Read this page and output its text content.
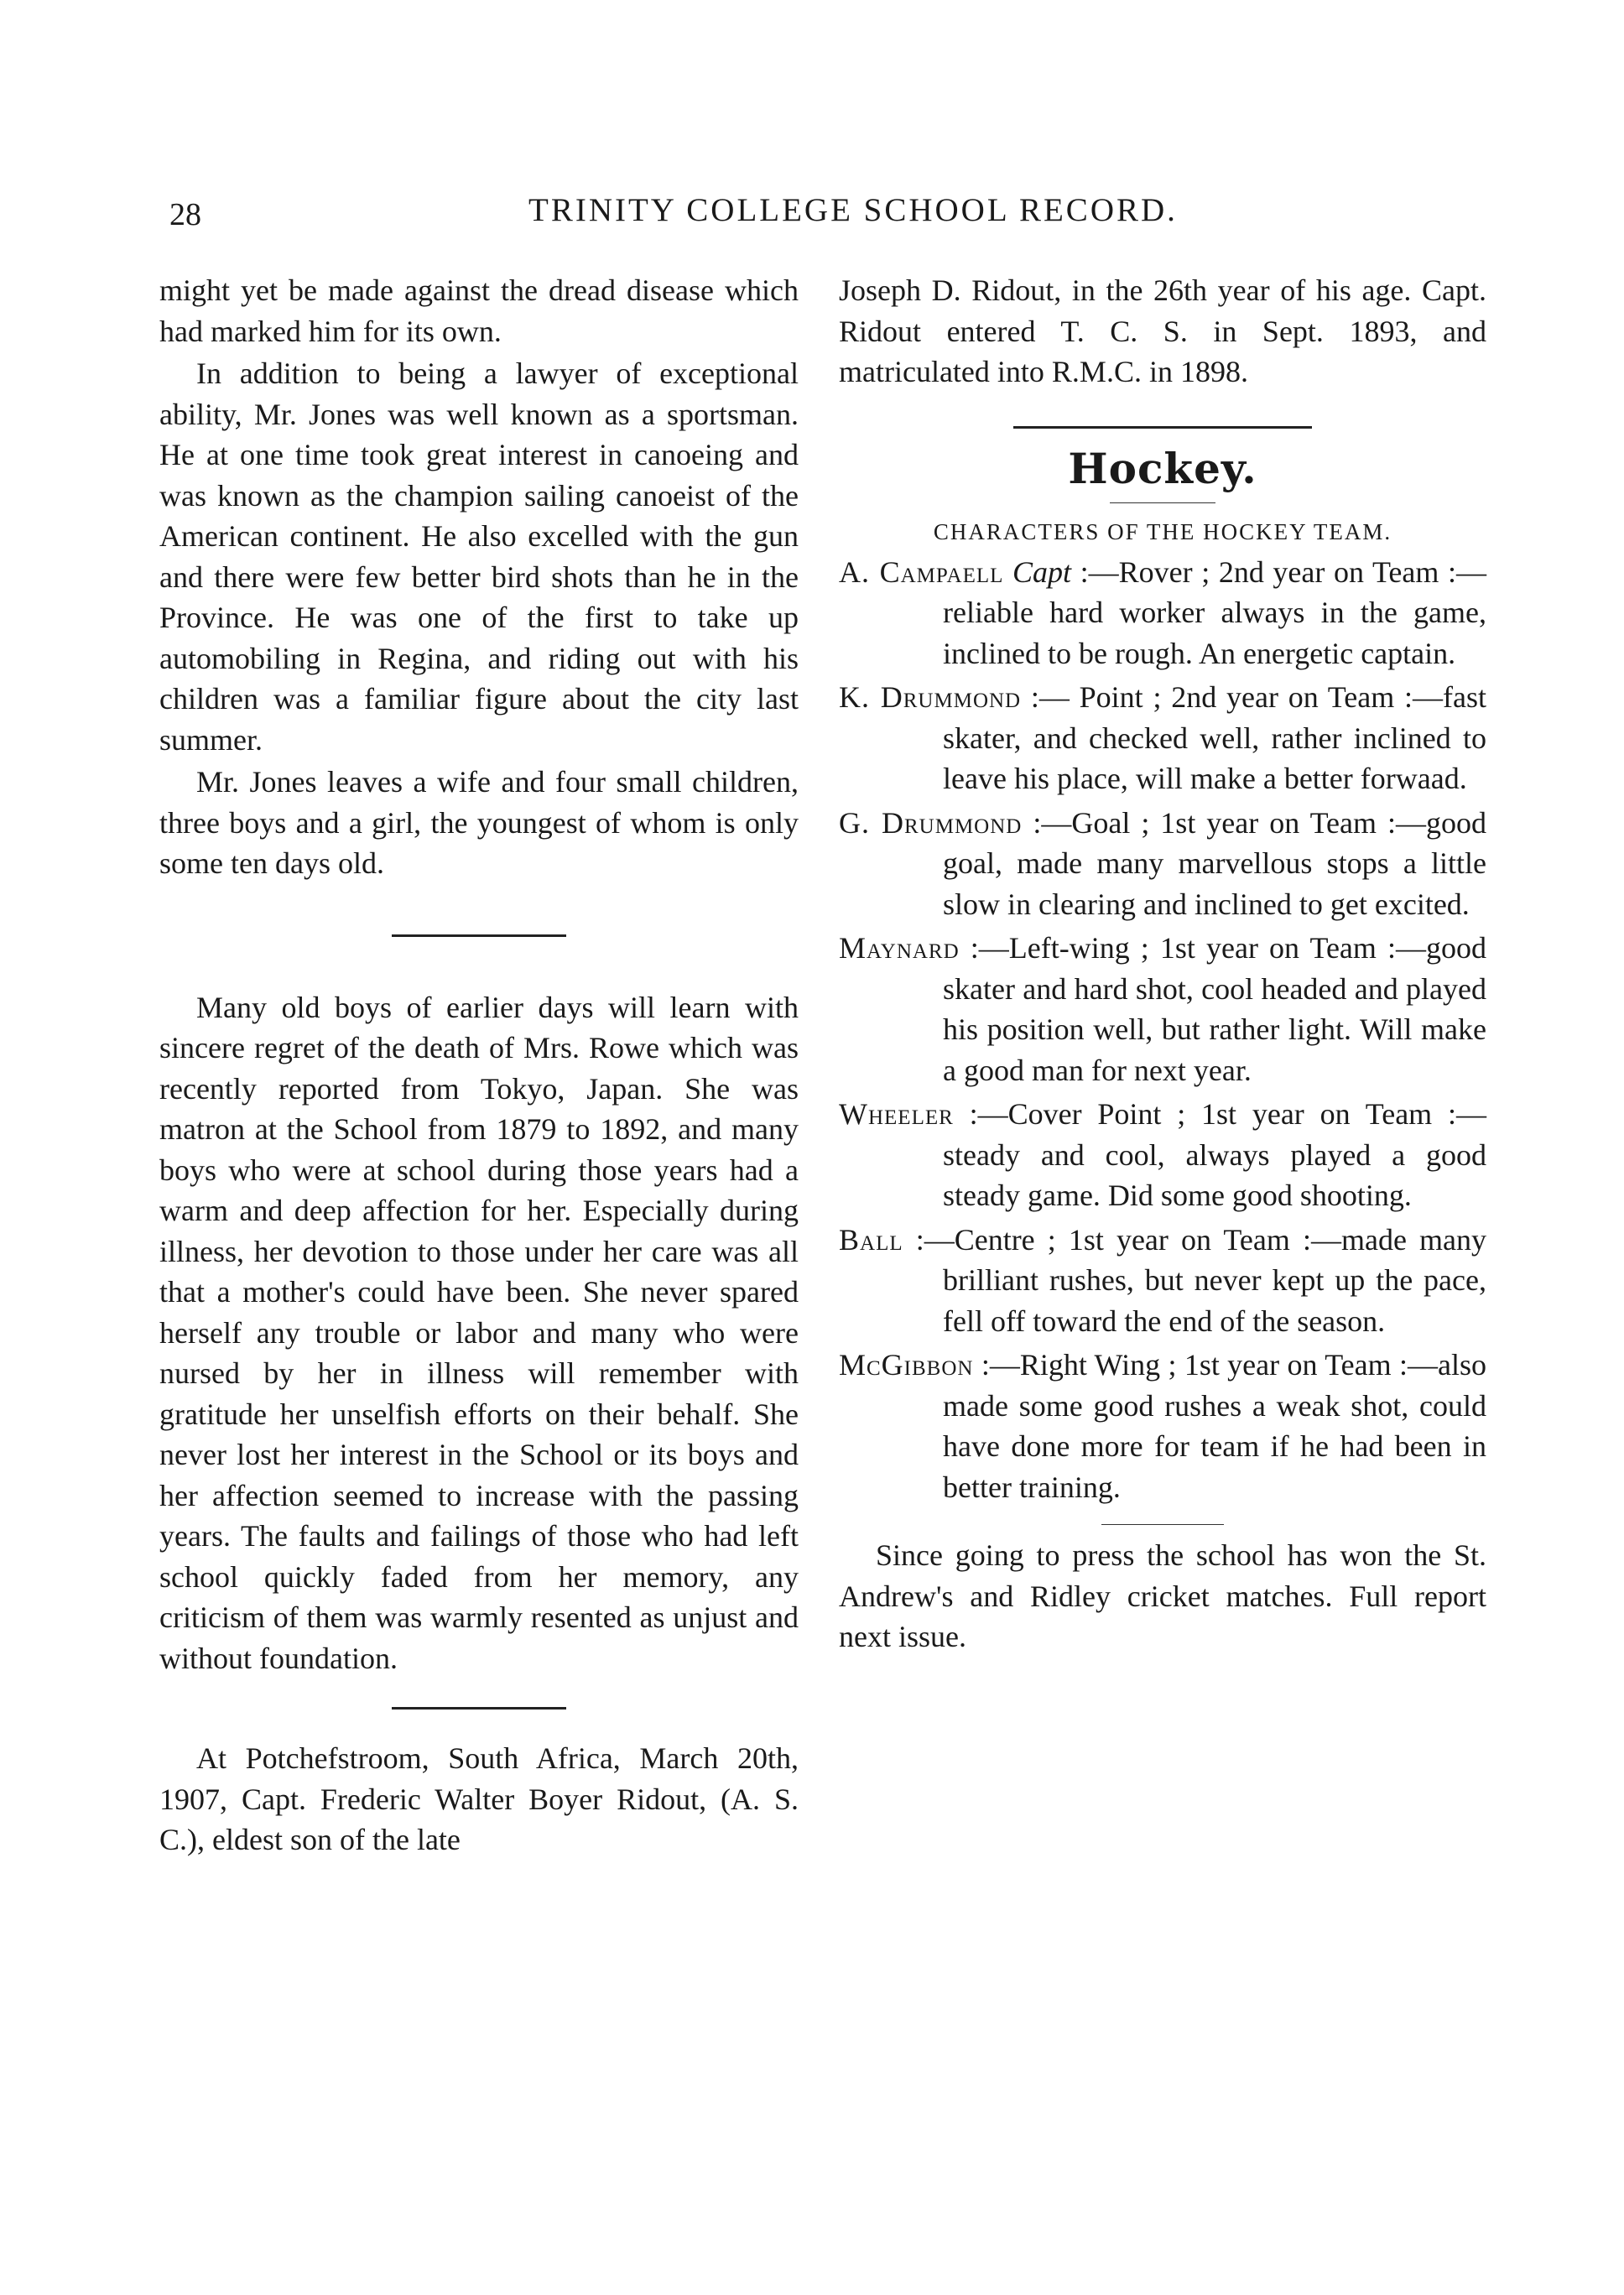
28	TRINITY COLLEGE SCHOOL RECORD.

might yet be made against the dread disease which had marked him for its own.

In addition to being a lawyer of exceptional ability, Mr. Jones was well known as a sportsman. He at one time took great interest in canoeing and was known as the champion sailing canoeist of the American continent. He also excelled with the gun and there were few better bird shots than he in the Province. He was one of the first to take up automobiling in Regina, and riding out with his children was a familiar figure about the city last summer.

Mr. Jones leaves a wife and four small children, three boys and a girl, the youngest of whom is only some ten days old.

Many old boys of earlier days will learn with sincere regret of the death of Mrs. Rowe which was recently reported from Tokyo, Japan. She was matron at the School from 1879 to 1892, and many boys who were at school during those years had a warm and deep affection for her. Especially during illness, her devotion to those under her care was all that a mother's could have been. She never spared herself any trouble or labor and many who were nursed by her in illness will remember with gratitude her unselfish efforts on their behalf. She never lost her interest in the School or its boys and her affection seemed to increase with the passing years. The faults and failings of those who had left school quickly faded from her memory, any criticism of them was warmly resented as unjust and without foundation.

At Potchefstroom, South Africa, March 20th, 1907, Capt. Frederic Walter Boyer Ridout, (A. S. C.), eldest son of the late

Joseph D. Ridout, in the 26th year of his age. Capt. Ridout entered T. C. S. in Sept. 1893, and matriculated into R.M.C. in 1898.

Hockey.
CHARACTERS OF THE HOCKEY TEAM.

A. Campaell Capt :—Rover ; 2nd year on Team :—reliable hard worker always in the game, inclined to be rough. An energetic captain.

K. Drummond :— Point ; 2nd year on Team :—fast skater, and checked well, rather inclined to leave his place, will make a better forwaad.

G. Drummond :—Goal ; 1st year on Team :—good goal, made many marvellous stops a little slow in clearing and inclined to get excited.

Maynard :—Left-wing ; 1st year on Team :—good skater and hard shot, cool headed and played his position well, but rather light. Will make a good man for next year.

Wheeler :—Cover Point ; 1st year on Team :—steady and cool, always played a good steady game. Did some good shooting.

Ball :—Centre ; 1st year on Team :—made many brilliant rushes, but never kept up the pace, fell off toward the end of the season.

McGibbon :—Right Wing ; 1st year on Team :—also made some good rushes a weak shot, could have done more for team if he had been in better training.

Since going to press the school has won the St. Andrew's and Ridley cricket matches. Full report next issue.
